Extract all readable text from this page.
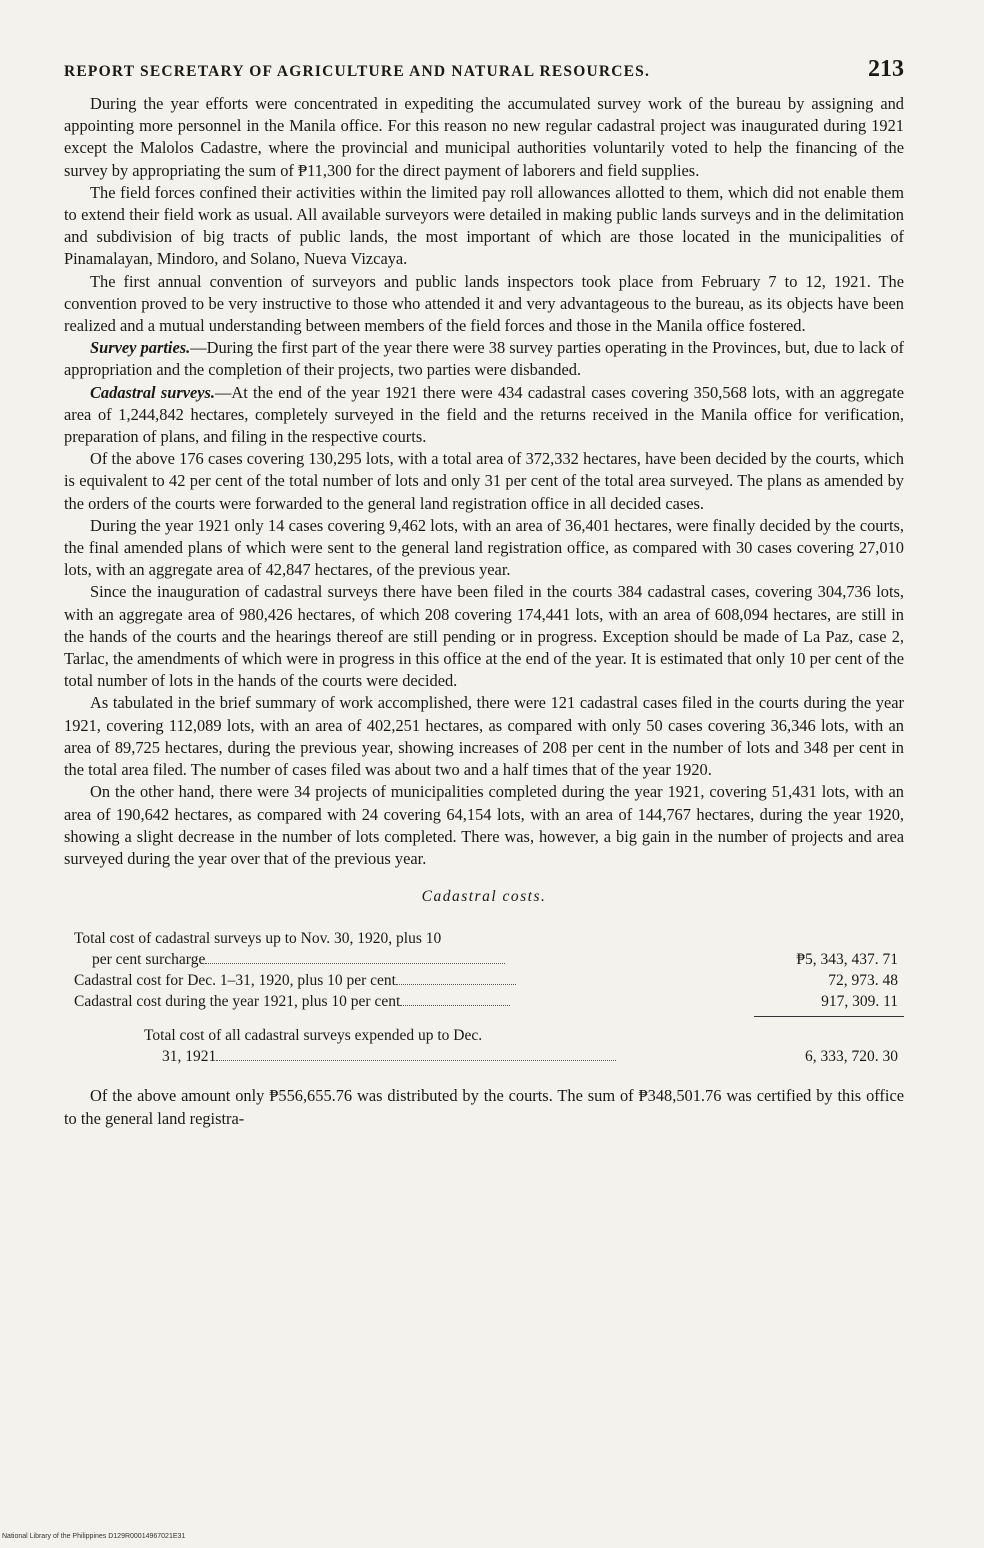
REPORT SECRETARY OF AGRICULTURE AND NATURAL RESOURCES.	213

During the year efforts were concentrated in expediting the accumulated survey work of the bureau by assigning and appointing more personnel in the Manila office. For this reason no new regular cadastral project was inaugurated during 1921 except the Malolos Cadastre, where the provincial and municipal authorities voluntarily voted to help the financing of the survey by appropriating the sum of ₱11,300 for the direct payment of laborers and field supplies.

The field forces confined their activities within the limited pay roll allowances allotted to them, which did not enable them to extend their field work as usual. All available surveyors were detailed in making public lands surveys and in the delimitation and subdivision of big tracts of public lands, the most important of which are those located in the municipalities of Pinamalayan, Mindoro, and Solano, Nueva Vizcaya.

The first annual convention of surveyors and public lands inspectors took place from February 7 to 12, 1921. The convention proved to be very instructive to those who attended it and very advantageous to the bureau, as its objects have been realized and a mutual understanding between members of the field forces and those in the Manila office fostered.

Survey parties.—During the first part of the year there were 38 survey parties operating in the Provinces, but, due to lack of appropriation and the completion of their projects, two parties were disbanded.

Cadastral surveys.—At the end of the year 1921 there were 434 cadastral cases covering 350,568 lots, with an aggregate area of 1,244,842 hectares, completely surveyed in the field and the returns received in the Manila office for verification, preparation of plans, and filing in the respective courts.

Of the above 176 cases covering 130,295 lots, with a total area of 372,332 hectares, have been decided by the courts, which is equivalent to 42 per cent of the total number of lots and only 31 per cent of the total area surveyed. The plans as amended by the orders of the courts were forwarded to the general land registration office in all decided cases.

During the year 1921 only 14 cases covering 9,462 lots, with an area of 36,401 hectares, were finally decided by the courts, the final amended plans of which were sent to the general land registration office, as compared with 30 cases covering 27,010 lots, with an aggregate area of 42,847 hectares, of the previous year.

Since the inauguration of cadastral surveys there have been filed in the courts 384 cadastral cases, covering 304,736 lots, with an aggregate area of 980,426 hectares, of which 208 covering 174,441 lots, with an area of 608,094 hectares, are still in the hands of the courts and the hearings thereof are still pending or in progress. Exception should be made of La Paz, case 2, Tarlac, the amendments of which were in progress in this office at the end of the year. It is estimated that only 10 per cent of the total number of lots in the hands of the courts were decided.

As tabulated in the brief summary of work accomplished, there were 121 cadastral cases filed in the courts during the year 1921, covering 112,089 lots, with an area of 402,251 hectares, as compared with only 50 cases covering 36,346 lots, with an area of 89,725 hectares, during the previous year, showing increases of 208 per cent in the number of lots and 348 per cent in the total area filed. The number of cases filed was about two and a half times that of the year 1920.

On the other hand, there were 34 projects of municipalities completed during the year 1921, covering 51,431 lots, with an area of 190,642 hectares, as compared with 24 covering 64,154 lots, with an area of 144,767 hectares, during the year 1920, showing a slight decrease in the number of lots completed. There was, however, a big gain in the number of projects and area surveyed during the year over that of the previous year.

Cadastral costs.
Total cost of cadastral surveys up to Nov. 30, 1920, plus 10
per cent surcharge	₱5, 343, 437. 71
Cadastral cost for Dec. 1–31, 1920, plus 10 per cent	72, 973. 48
Cadastral cost during the year 1921, plus 10 per cent	917, 309. 11
Total cost of all cadastral surveys expended up to Dec.
31, 1921	6, 333, 720. 30

Of the above amount only ₱556,655.76 was distributed by the courts. The sum of ₱348,501.76 was certified by this office to the general land registra-

National Library of the Philippines D129R00014967021E31
